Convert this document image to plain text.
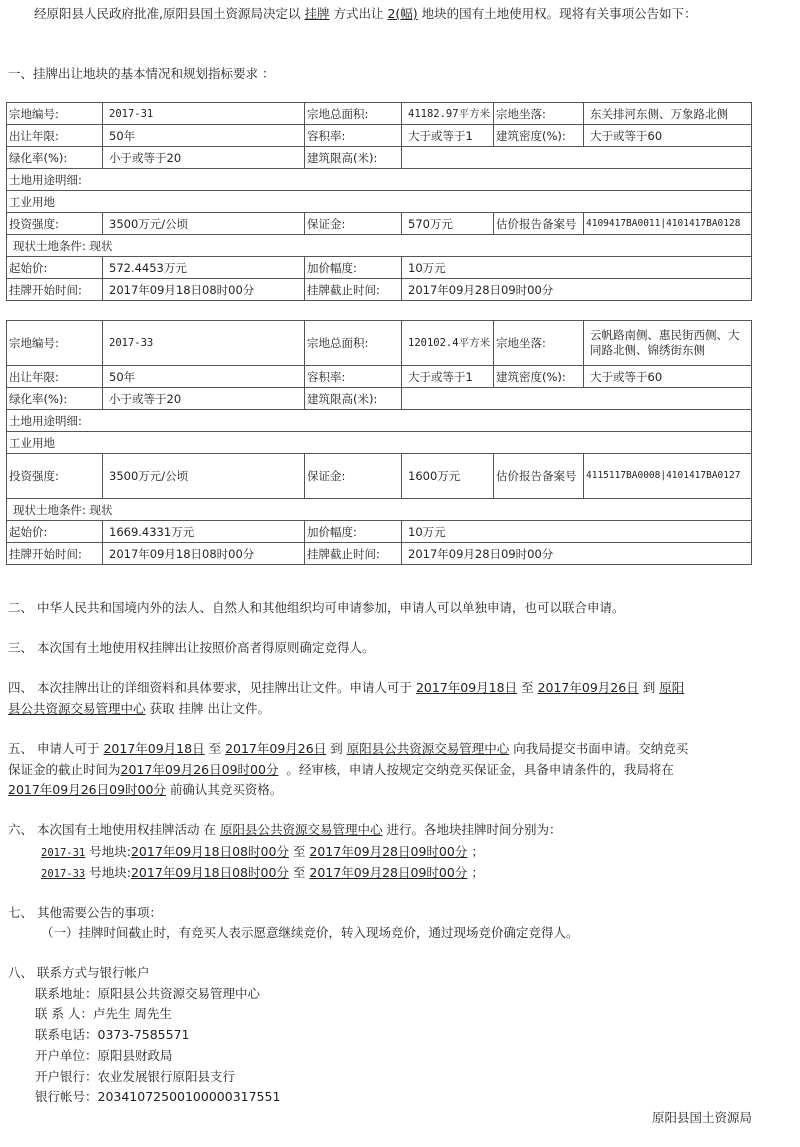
经原阳县人民政府批准,原阳县国土资源局决定以 挂牌 方式出让 2(幅) 地块的国有土地使用权。现将有关事项公告如下：
一、挂牌出让地块的基本情况和规划指标要求 ：
宗地编号:	2017-31	宗地总面积:	41182.97平方米	宗地坐落:	东关排河东侧、万象路北侧
出让年限:	50年	容积率:	大于或等于1	建筑密度(%):	大于或等于60
绿化率(%):	小于或等于20	建筑限高(米):			
土地用途明细:					
工业用地					
投资强度:	3500万元/公顷	保证金:	570万元	估价报告备案号	4109417BA0011|4101417BA0128
现状土地条件: 现状					
起始价:	572.4453万元	加价幅度:	10万元		
挂牌开始时间:	2017年09月18日08时00分	挂牌截止时间:	2017年09月28日09时00分		
宗地编号:	2017-33	宗地总面积:	120102.4平方米	宗地坐落:	云帆路南侧、惠民街西侧、大同路北侧、锦绣街东侧
出让年限:	50年	容积率:	大于或等于1	建筑密度(%):	大于或等于60
绿化率(%):	小于或等于20	建筑限高(米):			
土地用途明细:					
工业用地					
投资强度:	3500万元/公顷	保证金:	1600万元	估价报告备案号	4115117BA0008|4101417BA0127
现状土地条件: 现状					
起始价:	1669.4331万元	加价幅度:	10万元		
挂牌开始时间:	2017年09月18日08时00分	挂牌截止时间:	2017年09月28日09时00分		
二、 中华人民共和国境内外的法人、自然人和其他组织均可申请参加，申请人可以单独申请，也可以联合申请。
三、 本次国有土地使用权挂牌出让按照价高者得原则确定竞得人。
四、 本次挂牌出让的详细资料和具体要求，见挂牌出让文件。申请人可于 2017年09月18日 至 2017年09月26日 到 原阳
县公共资源交易管理中心 获取 挂牌 出让文件。
五、 申请人可于 2017年09月18日 至 2017年09月26日 到 原阳县公共资源交易管理中心 向我局提交书面申请。交纳竞买
保证金的截止时间为2017年09月26日09时00分 。经审核，申请人按规定交纳竞买保证金，具备申请条件的，我局将在
2017年09月26日09时00分 前确认其竞买资格。
六、 本次国有土地使用权挂牌活动 在 原阳县公共资源交易管理中心 进行。各地块挂牌时间分别为：
2017-31 号地块:2017年09月18日08时00分 至 2017年09月28日09时00分 ；
2017-33 号地块:2017年09月18日08时00分 至 2017年09月28日09时00分 ；
七、 其他需要公告的事项：
（一）挂牌时间截止时，有竞买人表示愿意继续竞价，转入现场竞价，通过现场竞价确定竞得人。
八、 联系方式与银行帐户
联系地址：原阳县公共资源交易管理中心
联 系 人：卢先生 周先生
联系电话：0373-7585571
开户单位：原阳县财政局
开户银行：农业发展银行原阳县支行
银行帐号：20341072500100000317551
原阳县国土资源局
